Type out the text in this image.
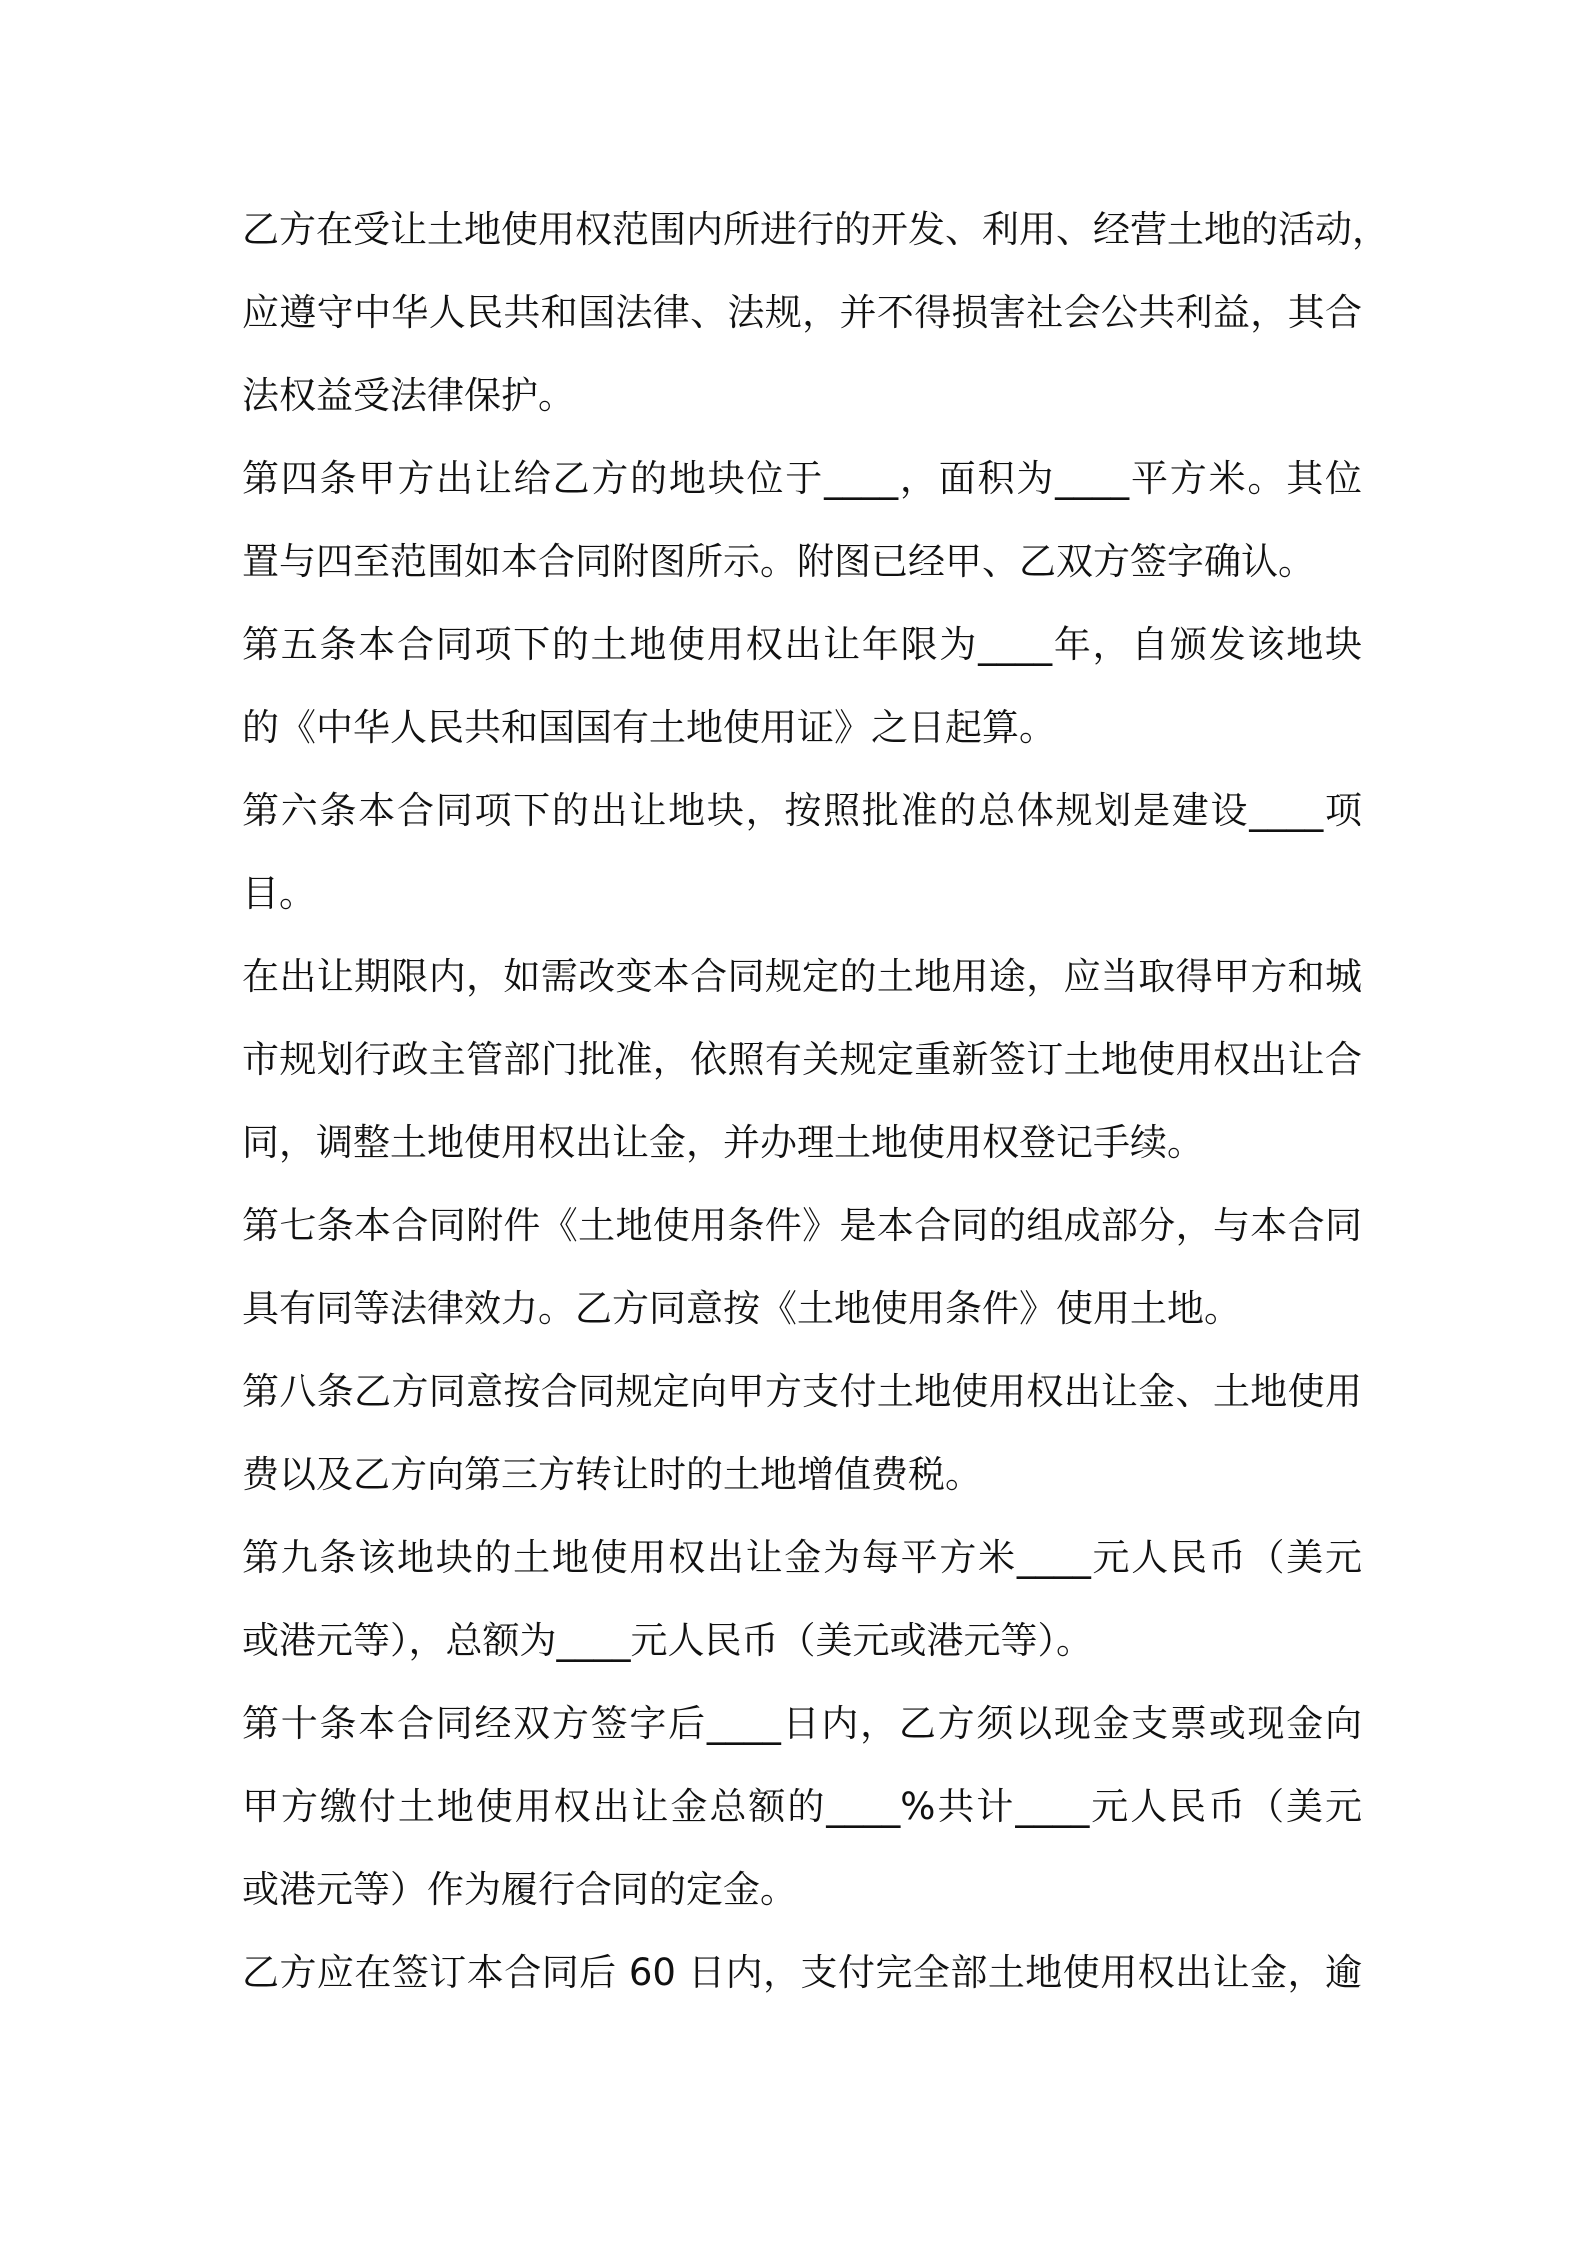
乙方在受让土地使用权范围内所进行的开发、利用、经营土地的活动，
应遵守中华人民共和国法律、法规，并不得损害社会公共利益，其合
法权益受法律保护。
第四条甲方出让给乙方的地块位于____，面积为____平方米。其位
置与四至范围如本合同附图所示。附图已经甲、乙双方签字确认。
第五条本合同项下的土地使用权出让年限为____年，自颁发该地块
的《中华人民共和国国有土地使用证》之日起算。
第六条本合同项下的出让地块，按照批准的总体规划是建设____项
目。
在出让期限内，如需改变本合同规定的土地用途，应当取得甲方和城
市规划行政主管部门批准，依照有关规定重新签订土地使用权出让合
同，调整土地使用权出让金，并办理土地使用权登记手续。
第七条本合同附件《土地使用条件》是本合同的组成部分，与本合同
具有同等法律效力。乙方同意按《土地使用条件》使用土地。
第八条乙方同意按合同规定向甲方支付土地使用权出让金、土地使用
费以及乙方向第三方转让时的土地增值费税。
第九条该地块的土地使用权出让金为每平方米____元人民币（美元
或港元等），总额为____元人民币（美元或港元等）。
第十条本合同经双方签字后____日内，乙方须以现金支票或现金向
甲方缴付土地使用权出让金总额的____%共计____元人民币（美元
或港元等）作为履行合同的定金。
乙方应在签订本合同后 60 日内，支付完全部土地使用权出让金，逾
